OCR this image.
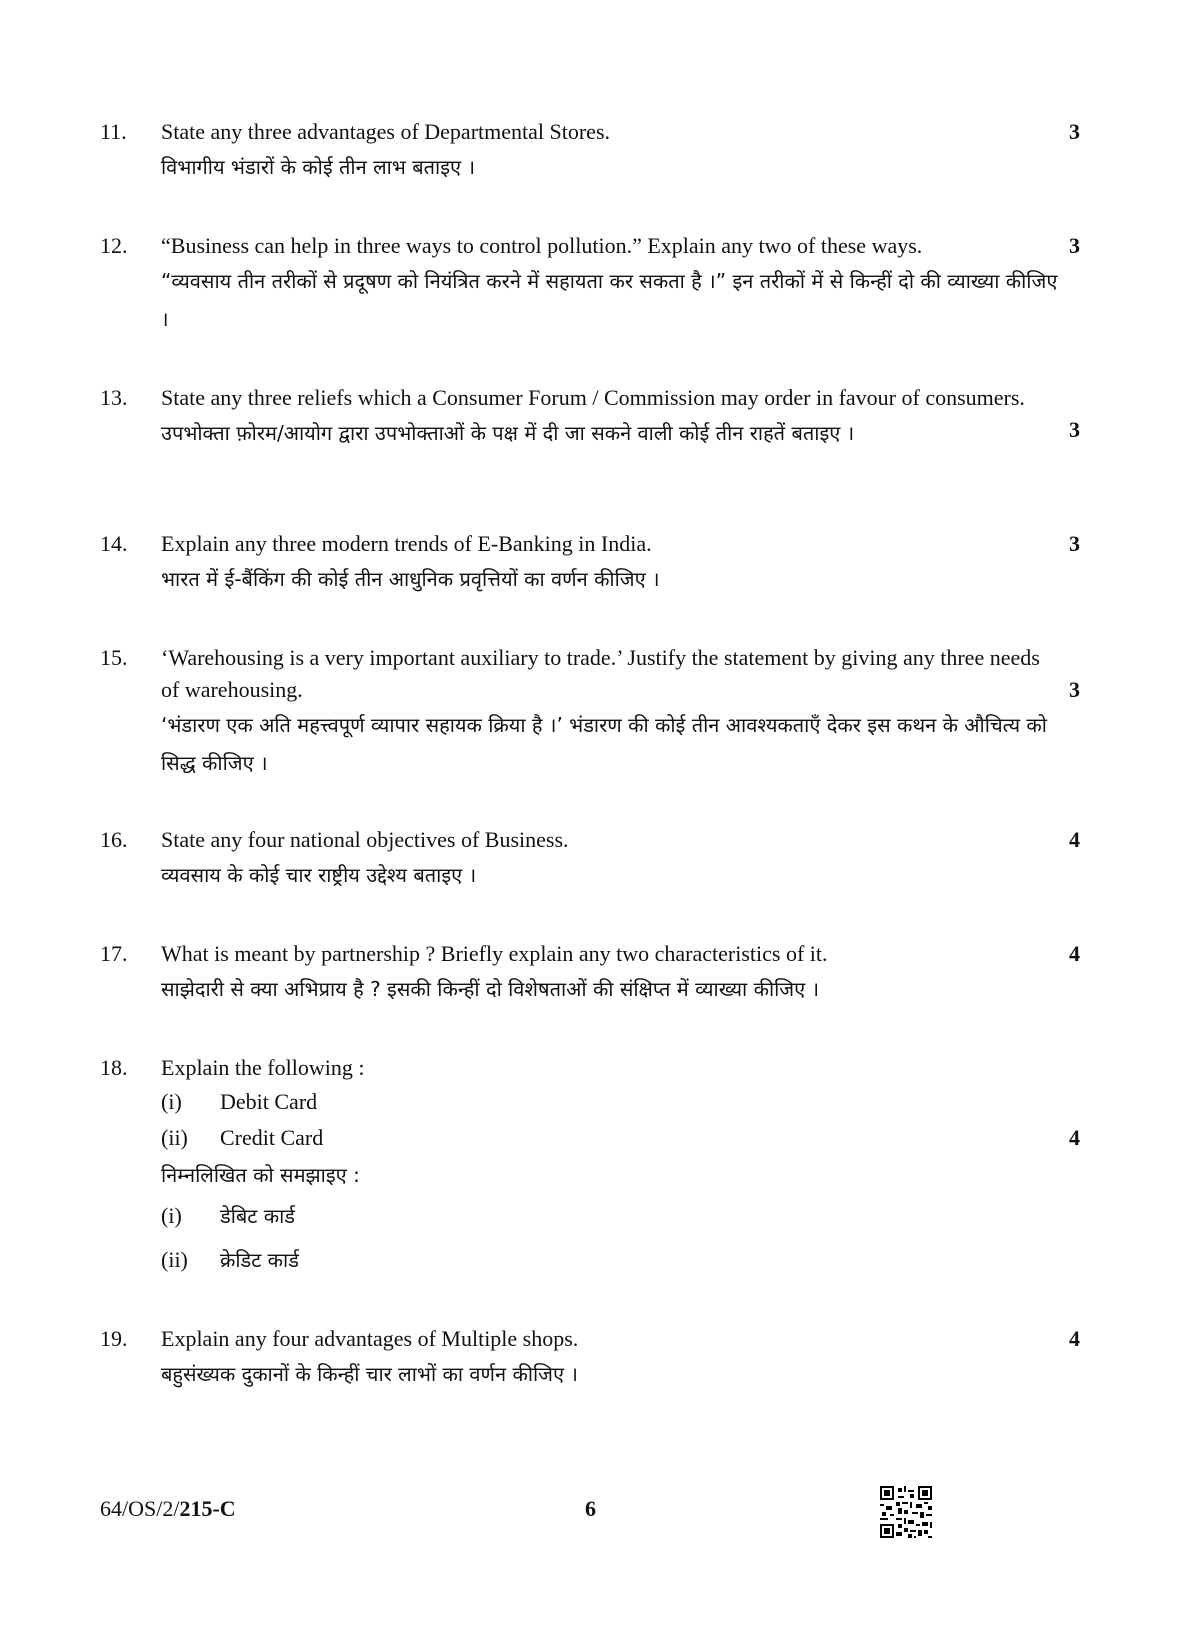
11. State any three advantages of Departmental Stores.

विभागीय भंडारों के कोई तीन लाभ बताइए ।

3
12. “Business can help in three ways to control pollution.” Explain any two of these ways.

“व्यवसाय तीन तरीकों से प्रदूषण को नियंत्रित करने में सहायता कर सकता है ।” इन तरीकों में से किन्हीं दो की व्याख्या कीजिए ।

3
13. State any three reliefs which a Consumer Forum / Commission may order in favour of consumers.

उपभोक्ता फ़ोरम/आयोग द्वारा उपभोक्ताओं के पक्ष में दी जा सकने वाली कोई तीन राहतें बताइए ।	3
14. Explain any three modern trends of E-Banking in India.

भारत में ई-बैंकिंग की कोई तीन आधुनिक प्रवृत्तियों का वर्णन कीजिए ।

3
15. ‘Warehousing is a very important auxiliary to trade.’ Justify the statement by giving any three needs of warehousing.

‘भंडारण एक अति महत्त्वपूर्ण व्यापार सहायक क्रिया है ।’ भंडारण की कोई तीन आवश्यकताएँ देकर इस कथन के औचित्य को सिद्ध कीजिए ।

3
16. State any four national objectives of Business.

व्यवसाय के कोई चार राष्ट्रीय उद्देश्य बताइए ।

4
17. What is meant by partnership ? Briefly explain any two characteristics of it.

साझेदारी से क्या अभिप्राय है ? इसकी किन्हीं दो विशेषताओं की संक्षिप्त में व्याख्या कीजिए ।

4
18. Explain the following :

(i) Debit Card
(ii) Credit Card

निम्नलिखित को समझाइए :

(i) डेबिट कार्ड
(ii) क्रेडिट कार्ड
4
19. Explain any four advantages of Multiple shops.

बहुसंख्यक दुकानों के किन्हीं चार लाभों का वर्णन कीजिए ।

4
64/OS/2/215-C	6
